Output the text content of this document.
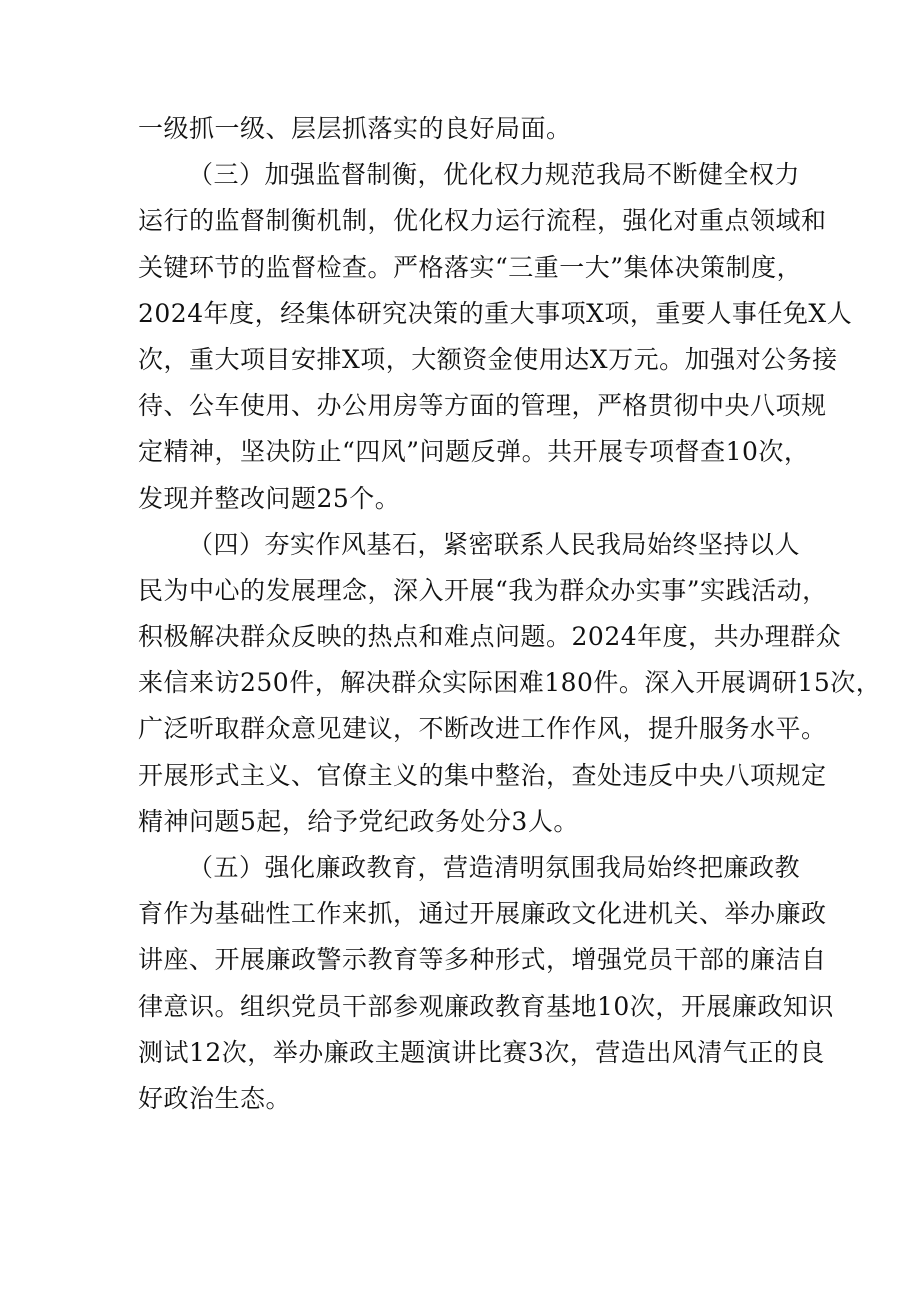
一级抓一级、层层抓落实的良好局面。
（三）加强监督制衡，优化权力规范我局不断健全权力
运行的监督制衡机制，优化权力运行流程，强化对重点领域和
关键环节的监督检查。严格落实“三重一大”集体决策制度，
2024年度，经集体研究决策的重大事项X项，重要人事任免X人
次，重大项目安排X项，大额资金使用达X万元。加强对公务接
待、公车使用、办公用房等方面的管理，严格贯彻中央八项规
定精神，坚决防止“四风”问题反弹。共开展专项督查10次，
发现并整改问题25个。
（四）夯实作风基石，紧密联系人民我局始终坚持以人
民为中心的发展理念，深入开展“我为群众办实事”实践活动，
积极解决群众反映的热点和难点问题。2024年度，共办理群众
来信来访250件，解决群众实际困难180件。深入开展调研15次，
广泛听取群众意见建议，不断改进工作作风，提升服务水平。
开展形式主义、官僚主义的集中整治，查处违反中央八项规定
精神问题5起，给予党纪政务处分3人。
（五）强化廉政教育，营造清明氛围我局始终把廉政教
育作为基础性工作来抓，通过开展廉政文化进机关、举办廉政
讲座、开展廉政警示教育等多种形式，增强党员干部的廉洁自
律意识。组织党员干部参观廉政教育基地10次，开展廉政知识
测试12次，举办廉政主题演讲比赛3次，营造出风清气正的良
好政治生态。
